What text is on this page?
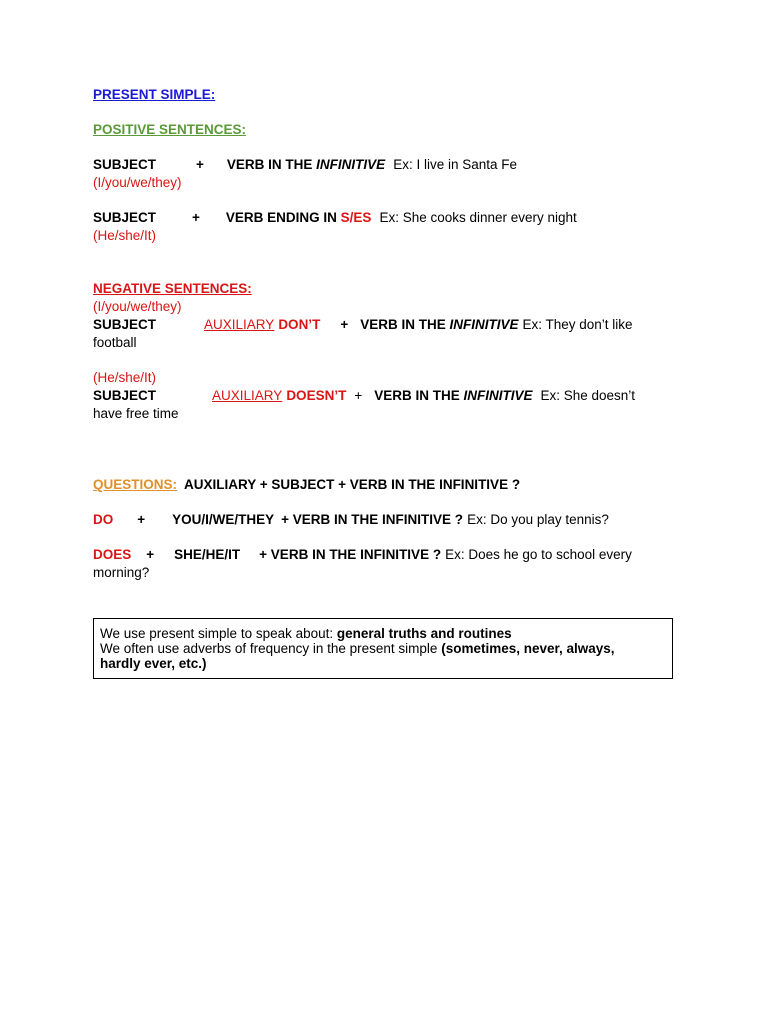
PRESENT SIMPLE:
POSITIVE SENTENCES:
SUBJECT	+ VERB IN THE INFINITIVE Ex: I live in Santa Fe
(I/you/we/they)
SUBJECT	+ VERB ENDING IN S/ES Ex: She cooks dinner every night
(He/she/It)
NEGATIVE SENTENCES:
(I/you/we/they)
SUBJECT	AUXILIARY DON’T + VERB IN THE INFINITIVE Ex: They don’t like
football
(He/she/It)
SUBJECT	AUXILIARY DOESN’T + VERB IN THE INFINITIVE Ex: She doesn’t
have free time
QUESTIONS: AUXILIARY + SUBJECT + VERB IN THE INFINITIVE ?
DO + YOU/I/WE/THEY + VERB IN THE INFINITIVE ? Ex: Do you play tennis?
DOES + SHE/HE/IT + VERB IN THE INFINITIVE ? Ex: Does he go to school every
morning?
We use present simple to speak about: general truths and routines
We often use adverbs of frequency in the present simple (sometimes, never, always,
hardly ever, etc.)
